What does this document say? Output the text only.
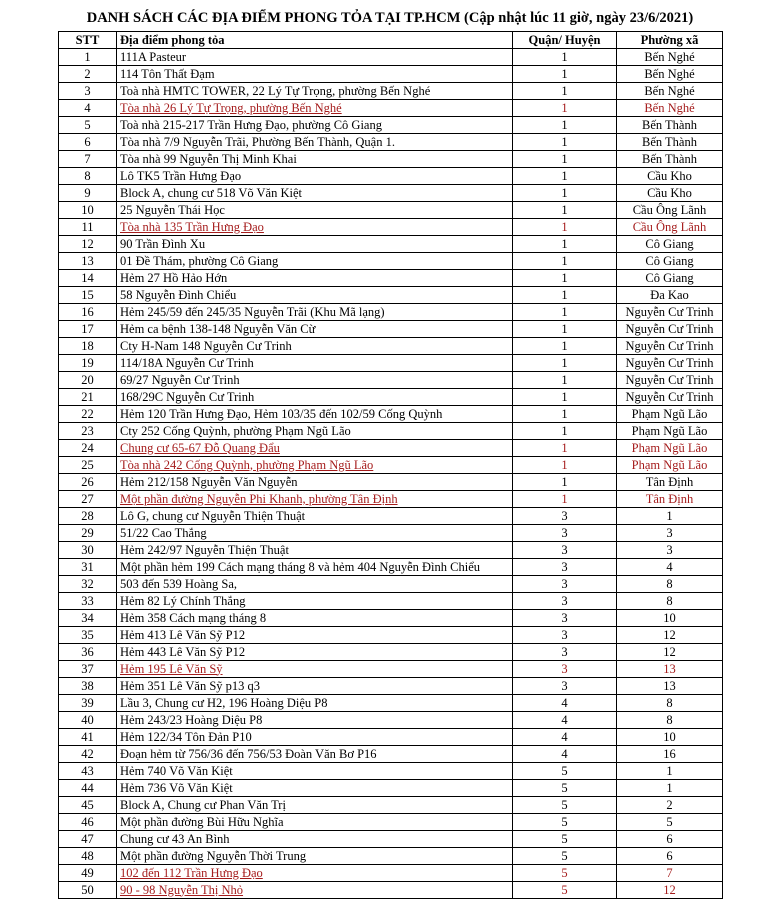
DANH SÁCH CÁC ĐỊA ĐIỂM PHONG TỎA TẠI TP.HCM (Cập nhật lúc 11 giờ, ngày 23/6/2021)
STT	Địa điểm phong tỏa	Quận/ Huyện	Phường xã
1	111A Pasteur	1	Bến Nghé
2	114 Tôn Thất Đạm	1	Bến Nghé
3	Toà nhà HMTC TOWER, 22 Lý Tự Trọng, phường Bến Nghé	1	Bến Nghé
4	Tòa nhà 26 Lý Tự Trọng, phường Bến Nghé	1	Bến Nghé
5	Toà nhà 215-217 Trần Hưng Đạo, phường Cô Giang	1	Bến Thành
6	Tòa nhà 7/9 Nguyễn Trãi, Phường Bến Thành, Quận 1.	1	Bến Thành
7	Tòa nhà 99 Nguyễn Thị Minh Khai	1	Bến Thành
8	Lô TK5 Trần Hưng Đạo	1	Cầu Kho
9	Block A, chung cư 518 Võ Văn Kiệt	1	Cầu Kho
10	25 Nguyễn Thái Học	1	Cầu Ông Lãnh
11	Tòa nhà 135 Trần Hưng Đạo	1	Cầu Ông Lãnh
12	90 Trần Đình Xu	1	Cô Giang
13	01 Đề Thám, phường Cô Giang	1	Cô Giang
14	Hẻm 27 Hồ Hảo Hớn	1	Cô Giang
15	58 Nguyễn Đình Chiểu	1	Đa Kao
16	Hẻm 245/59 đến 245/35 Nguyễn Trãi (Khu Mã lạng)	1	Nguyễn Cư Trinh
17	Hẻm ca bệnh 138-148 Nguyễn Văn Cừ	1	Nguyễn Cư Trinh
18	Cty H-Nam 148 Nguyễn Cư Trinh	1	Nguyễn Cư Trinh
19	114/18A Nguyễn Cư Trinh	1	Nguyễn Cư Trinh
20	69/27 Nguyễn Cư Trinh	1	Nguyễn Cư Trinh
21	168/29C Nguyễn Cư Trinh	1	Nguyễn Cư Trinh
22	Hẻm 120 Trần Hưng Đạo, Hẻm 103/35 đến 102/59 Cống Quỳnh	1	Phạm Ngũ Lão
23	Cty 252 Cống Quỳnh, phường Phạm Ngũ Lão	1	Phạm Ngũ Lão
24	Chung cư 65-67 Đỗ Quang Đẩu	1	Phạm Ngũ Lão
25	Tòa nhà 242 Cống Quỳnh, phường Phạm Ngũ Lão	1	Phạm Ngũ Lão
26	Hẻm 212/158 Nguyễn Văn Nguyễn	1	Tân Định
27	Một phần đường Nguyễn Phi Khanh, phường Tân Định	1	Tân Định
28	Lô G, chung cư Nguyễn Thiện Thuật	3	1
29	51/22 Cao Thắng	3	3
30	Hẻm 242/97 Nguyễn Thiện Thuật	3	3
31	Một phần hẻm 199 Cách mạng tháng 8 và hẻm 404 Nguyễn Đình Chiểu	3	4
32	503 đến 539 Hoàng Sa,	3	8
33	Hẻm 82 Lý Chính Thắng	3	8
34	Hẻm 358 Cách mạng tháng 8	3	10
35	Hẻm 413 Lê Văn Sỹ P12	3	12
36	Hẻm 443 Lê Văn Sỹ P12	3	12
37	Hẻm 195 Lê Văn Sỹ	3	13
38	Hẻm 351 Lê Văn Sỹ p13 q3	3	13
39	Lầu 3, Chung cư H2, 196 Hoàng Diệu P8	4	8
40	Hẻm 243/23 Hoàng Diệu P8	4	8
41	Hẻm 122/34 Tôn Đản P10	4	10
42	Đoạn hẻm từ 756/36 đến 756/53 Đoàn Văn Bơ P16	4	16
43	Hẻm 740 Võ Văn Kiệt	5	1
44	Hẻm 736 Võ Văn Kiệt	5	1
45	Block A, Chung cư Phan Văn Trị	5	2
46	Một phần đường Bùi Hữu Nghĩa	5	5
47	Chung cư 43 An Bình	5	6
48	Một phần đường Nguyễn Thời Trung	5	6
49	102 đến 112 Trần Hưng Đạo	5	7
50	90 - 98 Nguyễn Thị Nhỏ	5	12
